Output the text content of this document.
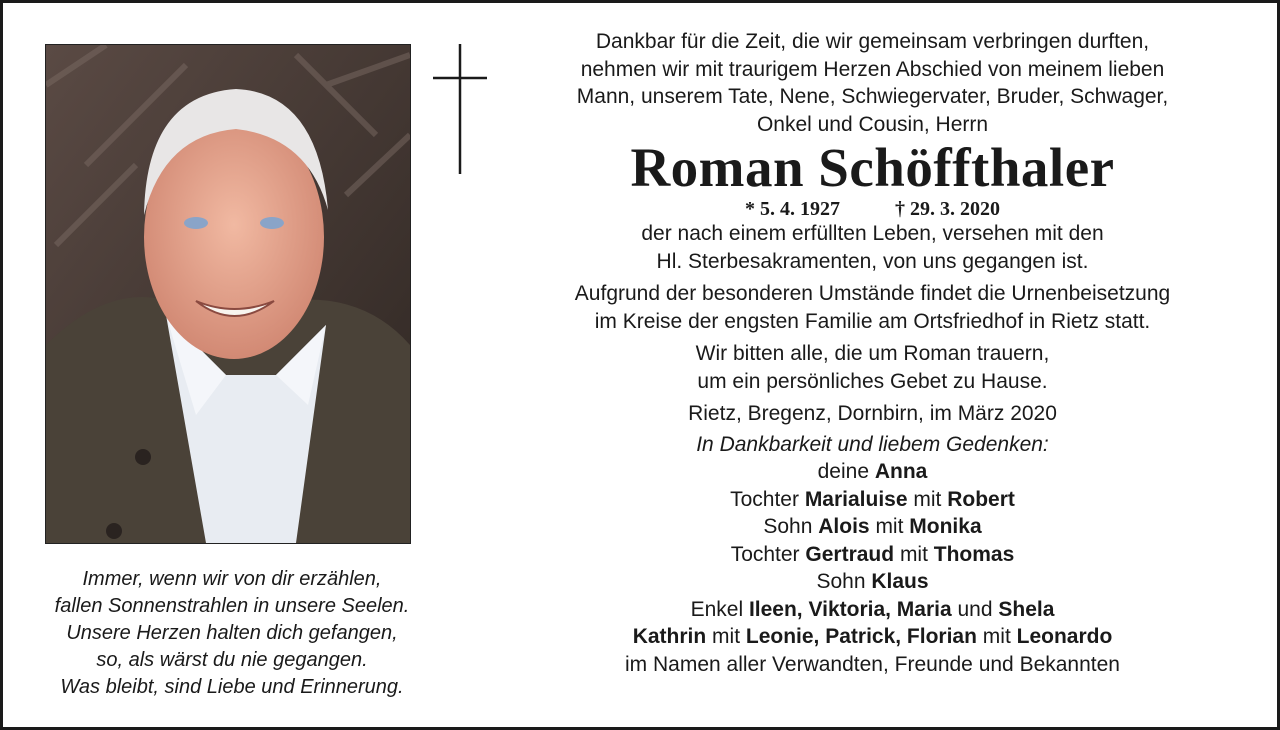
Immer, wenn wir von dir erzählen,
fallen Sonnenstrahlen in unsere Seelen.
Unsere Herzen halten dich gefangen,
so, als wärst du nie gegangen.
Was bleibt, sind Liebe und Erinnerung.

Dankbar für die Zeit, die wir gemeinsam verbringen durften,
nehmen wir mit traurigem Herzen Abschied von meinem lieben
Mann, unserem Tate, Nene, Schwiegervater, Bruder, Schwager,
Onkel und Cousin, Herrn

Roman Schöffthaler

* 5. 4. 1927	† 29. 3. 2020

der nach einem erfüllten Leben, versehen mit den
Hl. Sterbesakramenten, von uns gegangen ist.

Aufgrund der besonderen Umstände findet die Urnenbeisetzung
im Kreise der engsten Familie am Ortsfriedhof in Rietz statt.

Wir bitten alle, die um Roman trauern,
um ein persönliches Gebet zu Hause.

Rietz, Bregenz, Dornbirn, im März 2020

In Dankbarkeit und liebem Gedenken:

deine Anna
Tochter Marialuise mit Robert
Sohn Alois mit Monika
Tochter Gertraud mit Thomas
Sohn Klaus
Enkel Ileen, Viktoria, Maria und Shela
Kathrin mit Leonie, Patrick, Florian mit Leonardo
im Namen aller Verwandten, Freunde und Bekannten
